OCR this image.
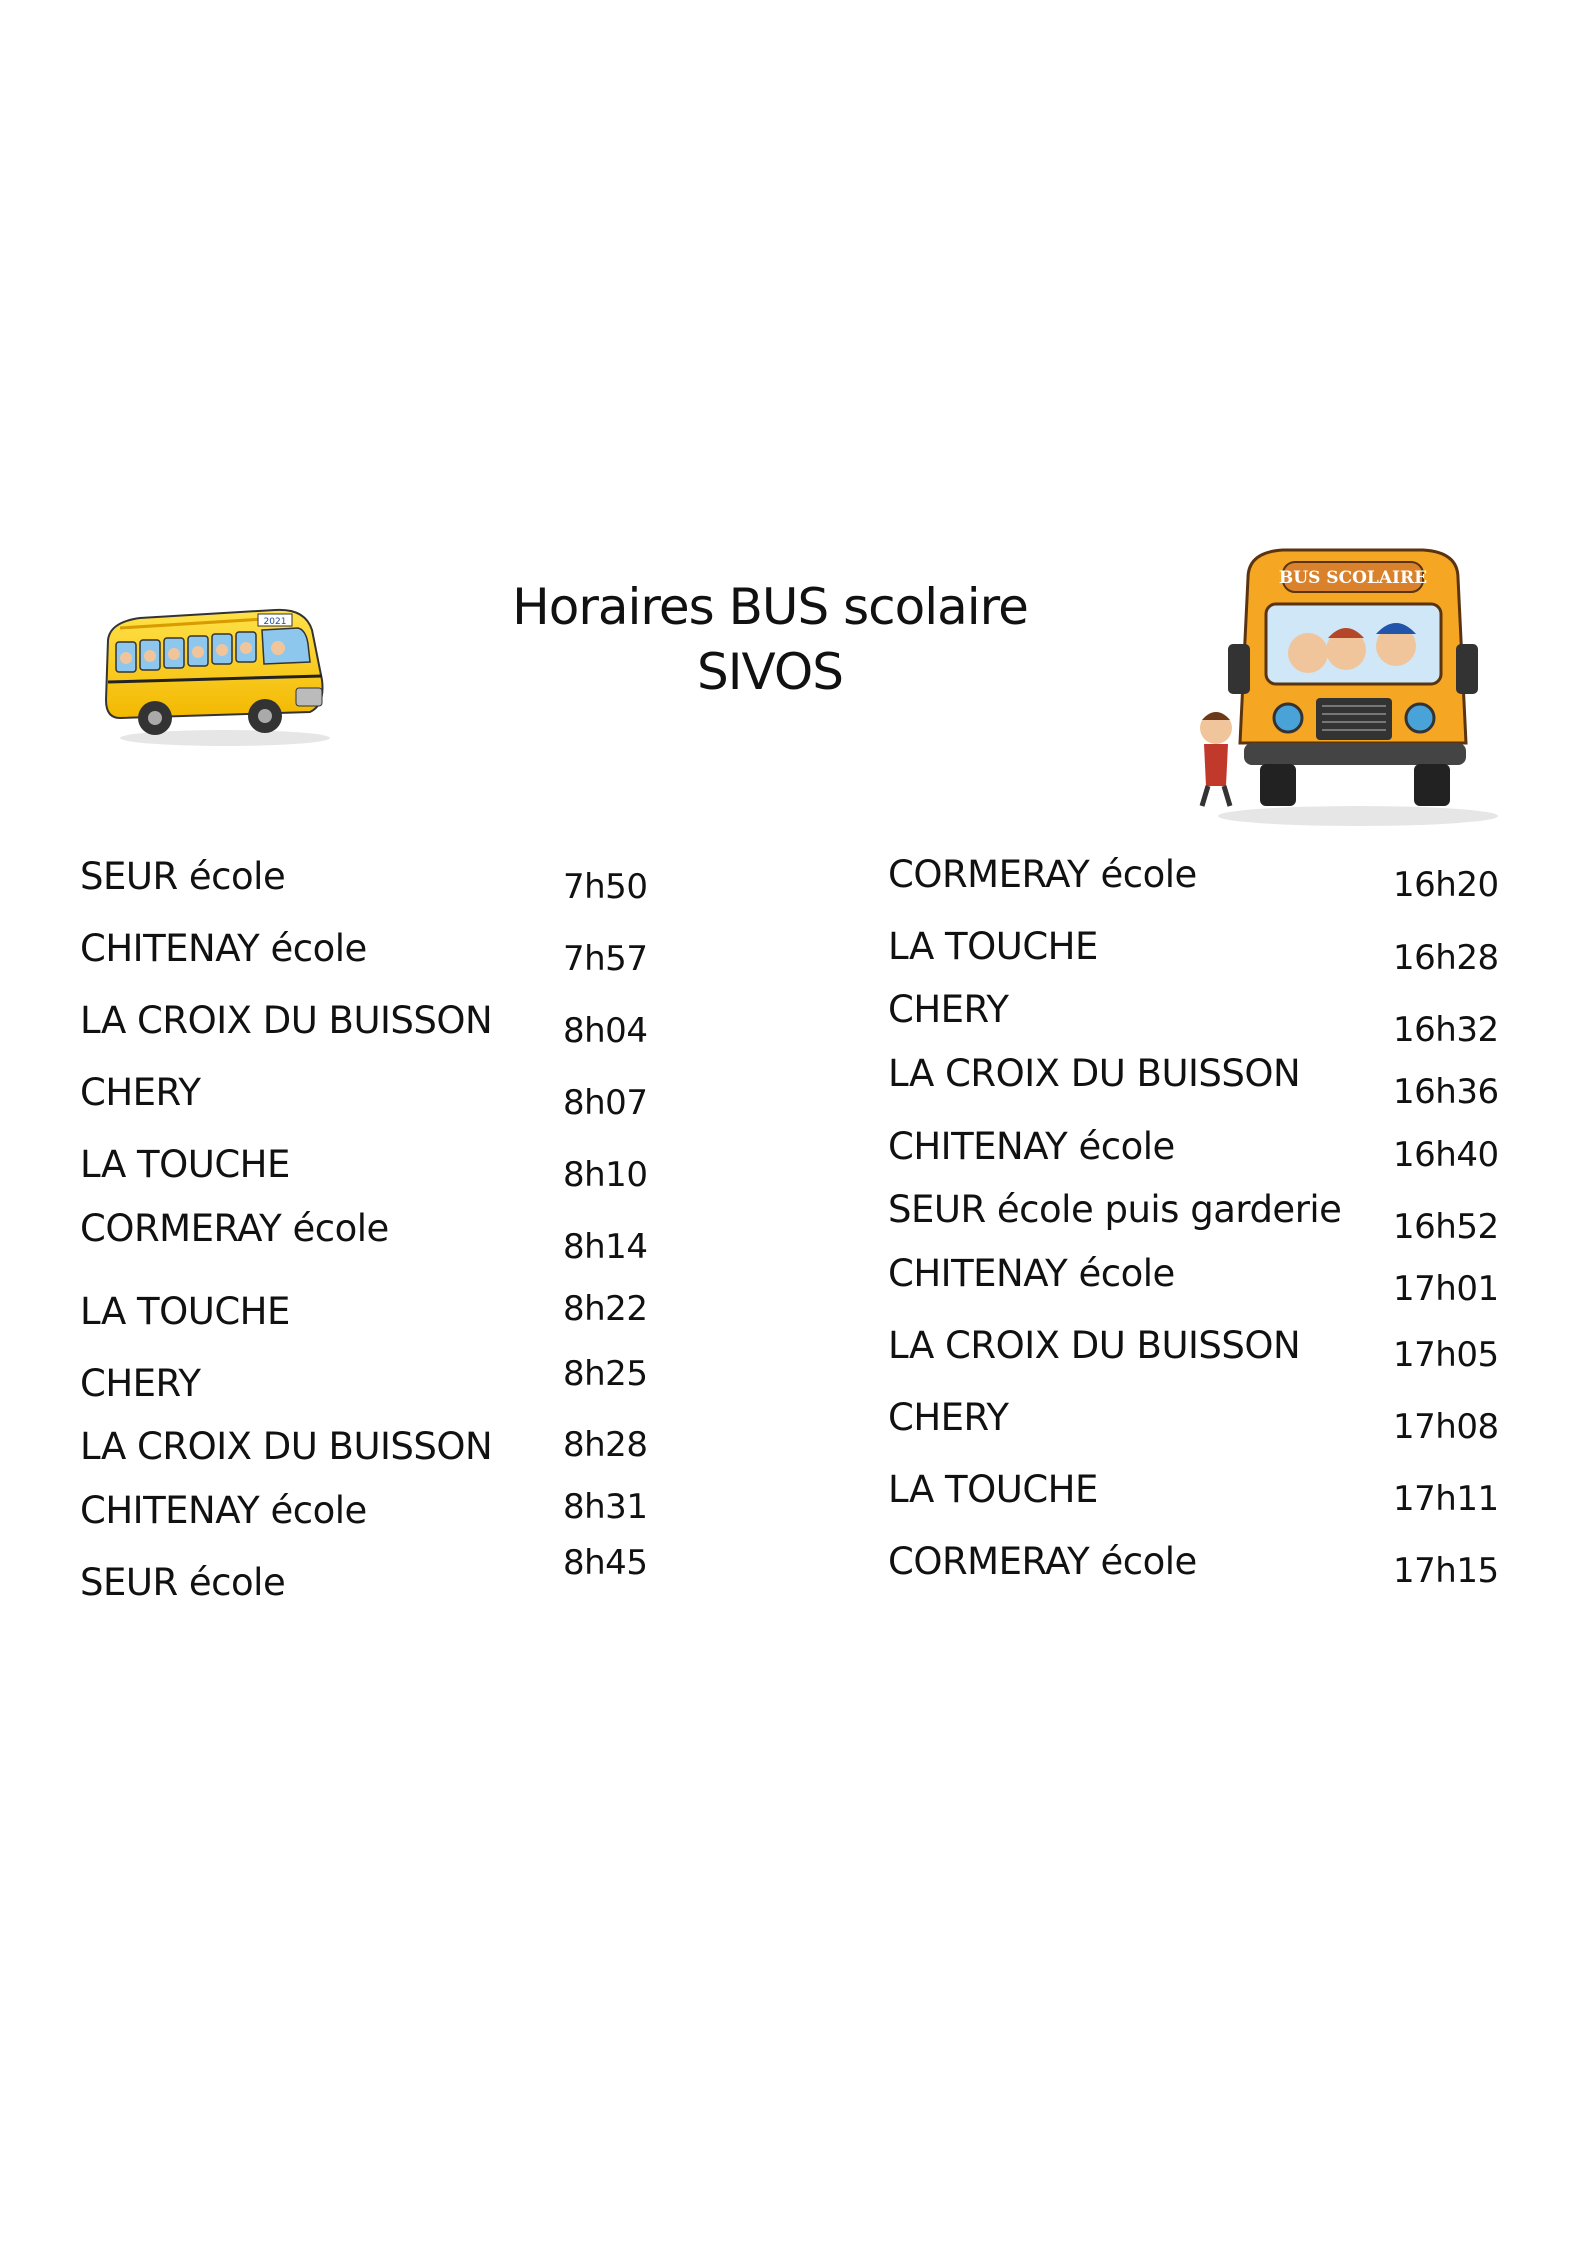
Horaires BUS scolaire
SIVOS
2021
BUS SCOLAIRE
SEUR école	7h50
CHITENAY école	7h57
LA CROIX DU BUISSON 8h04
CHERY	8h07
LA TOUCHE	8h10
CORMERAY école	8h14
LA TOUCHE	8h22
CHERY	8h25
LA CROIX DU BUISSON 8h28
CHITENAY école	8h31
SEUR école	8h45
CORMERAY école	16h20
LA TOUCHE	16h28
CHERY	16h32
LA CROIX DU BUISSON	16h36
CHITENAY école	16h40
SEUR école puis garderie 16h52
CHITENAY école	17h01
LA CROIX DU BUISSON	17h05
CHERY	17h08
LA TOUCHE	17h11
CORMERAY école	17h15
